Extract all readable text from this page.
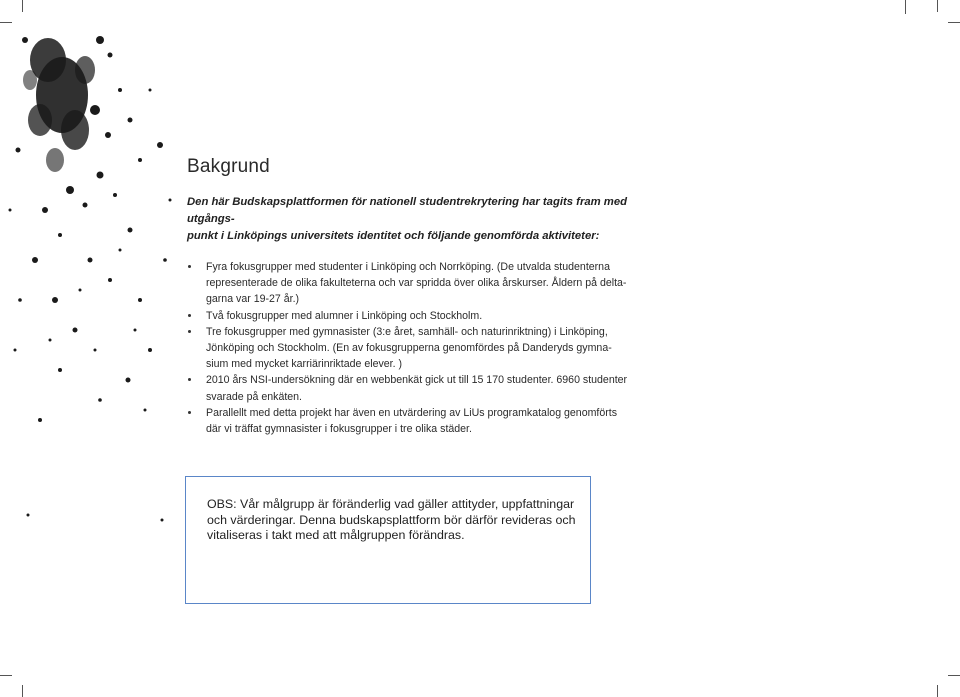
Bakgrund
Den här Budskapsplattformen för nationell studentrekrytering har tagits fram med utgångs-
punkt i Linköpings universitets identitet och följande genomförda aktiviteter:
Fyra fokusgrupper med studenter i Linköping och Norrköping. (De utvalda studenterna
representerade de olika fakulteterna och var spridda över olika årskurser. Åldern på delta-
garna var 19-27 år.)
Två fokusgrupper med alumner i Linköping och Stockholm.
Tre fokusgrupper med gymnasister (3:e året, samhäll- och naturinriktning) i Linköping,
Jönköping och Stockholm. (En av fokusgrupperna genomfördes på Danderyds gymna-
sium med mycket karriärinriktade elever. )
2010 års NSI-undersökning där en webbenkät gick ut till 15 170 studenter. 6960 studenter
svarade på enkäten.
Parallellt med detta projekt har även en utvärdering av LiUs programkatalog genomförts
där vi träffat gymnasister i fokusgrupper i tre olika städer.
OBS: Vår målgrupp är föränderlig vad gäller attityder, uppfattningar
och värderingar. Denna budskapsplattform bör därför revideras och
vitaliseras i takt med att målgruppen förändras.
